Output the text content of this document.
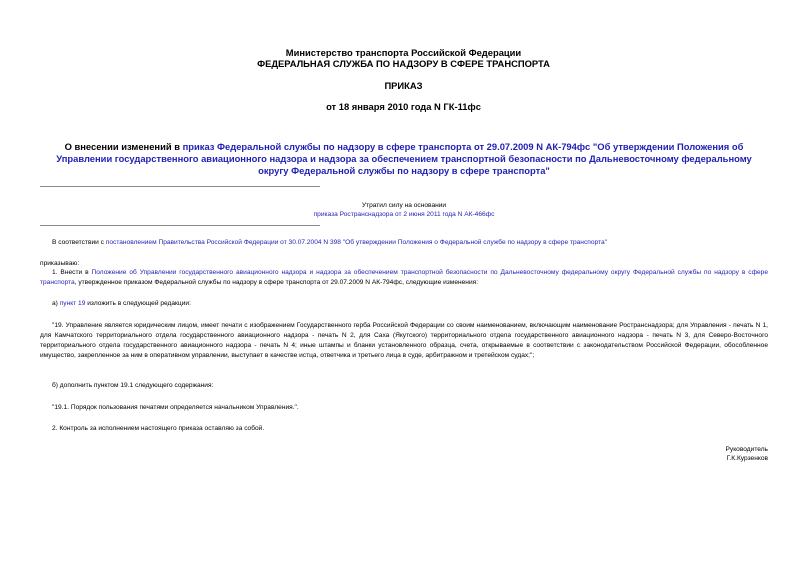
Министерство транспорта Российской Федерации
ФЕДЕРАЛЬНАЯ СЛУЖБА ПО НАДЗОРУ В СФЕРЕ ТРАНСПОРТА
ПРИКАЗ
от 18 января 2010 года N ГК-11фс
О внесении изменений в приказ Федеральной службы по надзору в сфере транспорта от 29.07.2009 N АК-794фс "Об утверждении Положения об Управлении государственного авиационного надзора и надзора за обеспечением транспортной безопасности по Дальневосточному федеральному округу Федеральной службы по надзору в сфере транспорта"
Утратил силу на основании
приказа Ространснадзора от 2 июня 2011 года N АК-466фс
В соответствии с постановлением Правительства Российской Федерации от 30.07.2004 N 398 "Об утверждении Положения о Федеральной службе по надзору в сфере транспорта"
приказываю:
1. Внести в Положение об Управлении государственного авиационного надзора и надзора за обеспечением транспортной безопасности по Дальневосточному федеральному округу Федеральной службы по надзору в сфере транспорта, утвержденное приказом Федеральной службы по надзору в сфере транспорта от 29.07.2009 N АК-794фс, следующие изменения:
а) пункт 19 изложить в следующей редакции:
"19. Управление является юридическим лицом, имеет печати с изображением Государственного герба Российской Федерации со своим наименованием, включающим наименование Ространснадзора; для Управления - печать N 1, для Камчатского территориального отдела государственного авиационного надзора - печать N 2, для Саха (Якутского) территориального отдела государственного авиационного надзора - печать N 3, для Северо-Восточного территориального отдела государственного авиационного надзора - печать N 4; иные штампы и бланки установленного образца, счета, открываемые в соответствии с законодательством Российской Федерации, обособленное имущество, закрепленное за ним в оперативном управлении, выступает в качестве истца, ответчика и третьего лица в суде, арбитражном и третейском судах;";
б) дополнить пунктом 19.1 следующего содержания:
"19.1. Порядок пользования печатями определяется начальником Управления.".
2. Контроль за исполнением настоящего приказа оставляю за собой.
Руководитель
Г.К.Курзенков
